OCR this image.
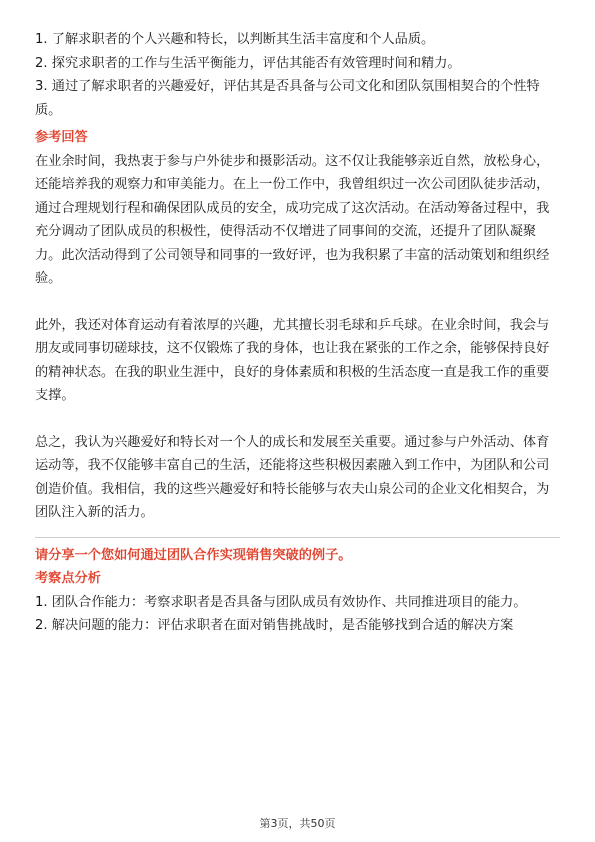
1. 了解求职者的个人兴趣和特长，以判断其生活丰富度和个人品质。

2. 探究求职者的工作与生活平衡能力，评估其能否有效管理时间和精力。

3. 通过了解求职者的兴趣爱好，评估其是否具备与公司文化和团队氛围相契合的个性特质。

参考回答

在业余时间，我热衷于参与户外徒步和摄影活动。这不仅让我能够亲近自然，放松身心，还能培养我的观察力和审美能力。在上一份工作中，我曾组织过一次公司团队徒步活动，通过合理规划行程和确保团队成员的安全，成功完成了这次活动。在活动筹备过程中，我充分调动了团队成员的积极性，使得活动不仅增进了同事间的交流，还提升了团队凝聚力。此次活动得到了公司领导和同事的一致好评，也为我积累了丰富的活动策划和组织经验。

此外，我还对体育运动有着浓厚的兴趣，尤其擅长羽毛球和乒乓球。在业余时间，我会与朋友或同事切磋球技，这不仅锻炼了我的身体，也让我在紧张的工作之余，能够保持良好的精神状态。在我的职业生涯中，良好的身体素质和积极的生活态度一直是我工作的重要支撑。

总之，我认为兴趣爱好和特长对一个人的成长和发展至关重要。通过参与户外活动、体育运动等，我不仅能够丰富自己的生活，还能将这些积极因素融入到工作中，为团队和公司创造价值。我相信，我的这些兴趣爱好和特长能够与农夫山泉公司的企业文化相契合，为团队注入新的活力。

请分享一个您如何通过团队合作实现销售突破的例子。

考察点分析

1. 团队合作能力：考察求职者是否具备与团队成员有效协作、共同推进项目的能力。

2. 解决问题的能力：评估求职者在面对销售挑战时，是否能够找到合适的解决方案

第3页，共50页
